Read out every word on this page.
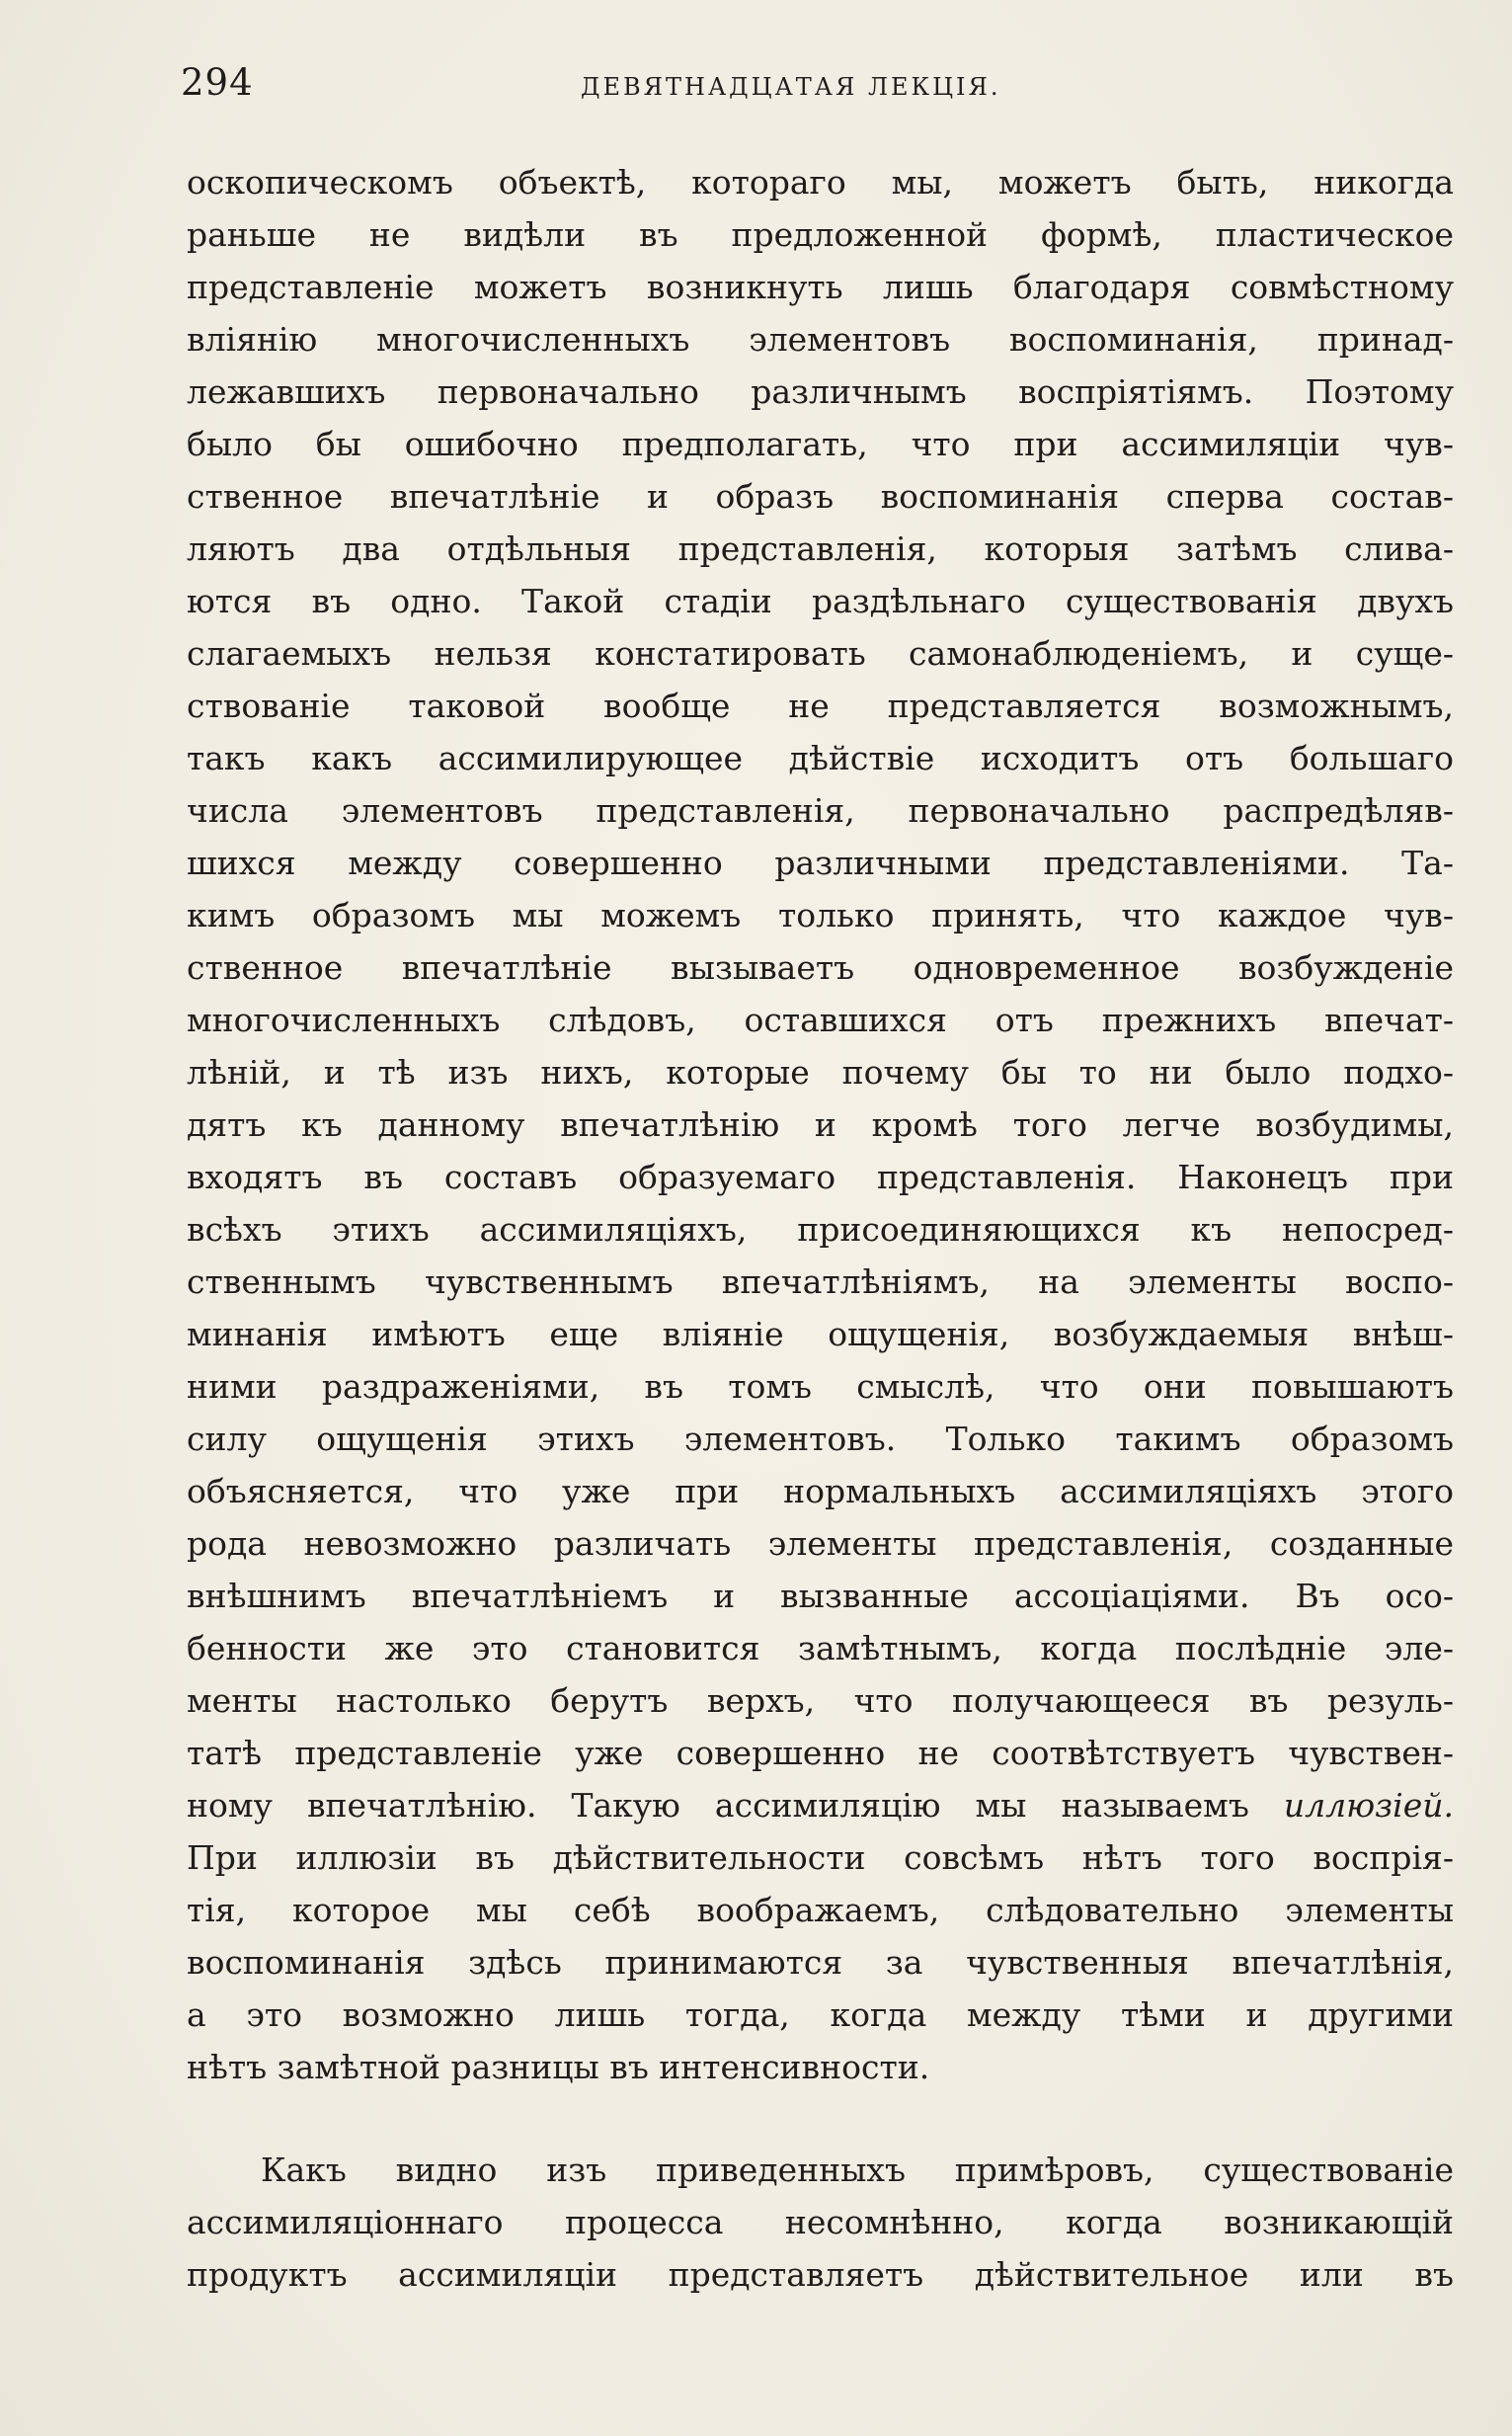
294	ДЕВЯТНАДЦАТАЯ ЛЕКЦІЯ.
оскопическомъ объектѣ, котораго мы, можетъ быть, никогда
раньше не видѣли въ предложенной формѣ, пластическое
представленіе можетъ возникнуть лишь благодаря совмѣстному
вліянію многочисленныхъ элементовъ воспоминанія, принад-
лежавшихъ первоначально различнымъ воспріятіямъ. Поэтому
было бы ошибочно предполагать, что при ассимиляціи чув-
ственное впечатлѣніе и образъ воспоминанія сперва состав-
ляютъ два отдѣльныя представленія, которыя затѣмъ слива-
ются въ одно. Такой стадіи раздѣльнаго существованія двухъ
слагаемыхъ нельзя констатировать самонаблюденіемъ, и суще-
ствованіе таковой вообще не представляется возможнымъ,
такъ какъ ассимилирующее дѣйствіе исходитъ отъ большаго
числа элементовъ представленія, первоначально распредѣляв-
шихся между совершенно различными представленіями. Та-
кимъ образомъ мы можемъ только принять, что каждое чув-
ственное впечатлѣніе вызываетъ одновременное возбужденіе
многочисленныхъ слѣдовъ, оставшихся отъ прежнихъ впечат-
лѣній, и тѣ изъ нихъ, которые почему бы то ни было подхо-
дятъ къ данному впечатлѣнію и кромѣ того легче возбудимы,
входятъ въ составъ образуемаго представленія. Наконецъ при
всѣхъ этихъ ассимиляціяхъ, присоединяющихся къ непосред-
ственнымъ чувственнымъ впечатлѣніямъ, на элементы воспо-
минанія имѣютъ еще вліяніе ощущенія, возбуждаемыя внѣш-
ними раздраженіями, въ томъ смыслѣ, что они повышаютъ
силу ощущенія этихъ элементовъ. Только такимъ образомъ
объясняется, что уже при нормальныхъ ассимиляціяхъ этого
рода невозможно различать элементы представленія, созданные
внѣшнимъ впечатлѣніемъ и вызванные ассоціаціями. Въ осо-
бенности же это становится замѣтнымъ, когда послѣдніе эле-
менты настолько берутъ верхъ, что получающееся въ резуль-
татѣ представленіе уже совершенно не соотвѣтствуетъ чувствен-
ному впечатлѣнію. Такую ассимиляцію мы называемъ иллюзіей.
При иллюзіи въ дѣйствительности совсѣмъ нѣтъ того воспрія-
тія, которое мы себѣ воображаемъ, слѣдовательно элементы
воспоминанія здѣсь принимаются за чувственныя впечатлѣнія,
а это возможно лишь тогда, когда между тѣми и другими
нѣтъ замѣтной разницы въ интенсивности.
Какъ видно изъ приведенныхъ примѣровъ, существованіе
ассимиляціоннаго процесса несомнѣнно, когда возникающій
продуктъ ассимиляціи представляетъ дѣйствительное или въ
